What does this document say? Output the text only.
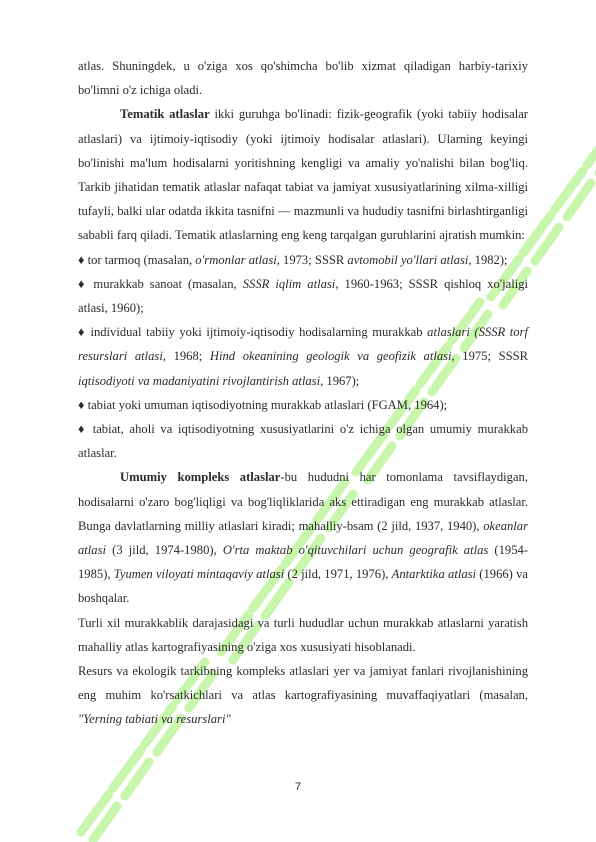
atlas. Shuningdek, u o'ziga xos qo'shimcha bo'lib xizmat qiladigan harbiy-tarixiy bo'limni o'z ichiga oladi.

Tematik atlaslar ikki guruhga bo'linadi: fizik-geografik (yoki tabiiy hodisalar atlaslari) va ijtimoiy-iqtisodiy (yoki ijtimoiy hodisalar atlaslari). Ularning keyingi bo'linishi ma'lum hodisalarni yoritishning kengligi va amaliy yo'nalishi bilan bog'liq. Tarkib jihatidan tematik atlaslar nafaqat tabiat va jamiyat xususiyatlarining xilma-xilligi tufayli, balki ular odatda ikkita tasnifni — mazmunli va hududiy tasnifni birlashtirganligi sababli farq qiladi. Tematik atlaslarning eng keng tarqalgan guruhlarini ajratish mumkin:

♦ tor tarmoq (masalan, o'rmonlar atlasi, 1973; SSSR avtomobil yo'llari atlasi, 1982);

♦ murakkab sanoat (masalan, SSSR iqlim atlasi, 1960-1963; SSSR qishloq xo'jaligi atlasi, 1960);

♦ individual tabiiy yoki ijtimoiy-iqtisodiy hodisalarning murakkab atlaslari (SSSR torf resurslari atlasi, 1968; Hind okeanining geologik va geofizik atlasi, 1975; SSSR iqtisodiyoti va madaniyatini rivojlantirish atlasi, 1967);

♦ tabiat yoki umuman iqtisodiyotning murakkab atlaslari (FGAM, 1964);

♦ tabiat, aholi va iqtisodiyotning xususiyatlarini o'z ichiga olgan umumiy murakkab atlaslar.

Umumiy kompleks atlaslar-bu hududni har tomonlama tavsiflaydigan, hodisalarni o'zaro bog'liqligi va bog'liqliklarida aks ettiradigan eng murakkab atlaslar. Bunga davlatlarning milliy atlaslari kiradi; mahalliy-bsam (2 jild, 1937, 1940), okeanlar atlasi (3 jild, 1974-1980), O'rta maktab o'qituvchilari uchun geografik atlas (1954-1985), Tyumen viloyati mintaqaviy atlasi (2 jild, 1971, 1976), Antarktika atlasi (1966) va boshqalar.

Turli xil murakkablik darajasidagi va turli hududlar uchun murakkab atlaslarni yaratish mahalliy atlas kartografiyasining o'ziga xos xususiyati hisoblanadi.

Resurs va ekologik tarkibning kompleks atlaslari yer va jamiyat fanlari rivojlanishining eng muhim ko'rsatkichlari va atlas kartografiyasining muvaffaqiyatlari (masalan, "Yerning tabiati va resurslari"

7
